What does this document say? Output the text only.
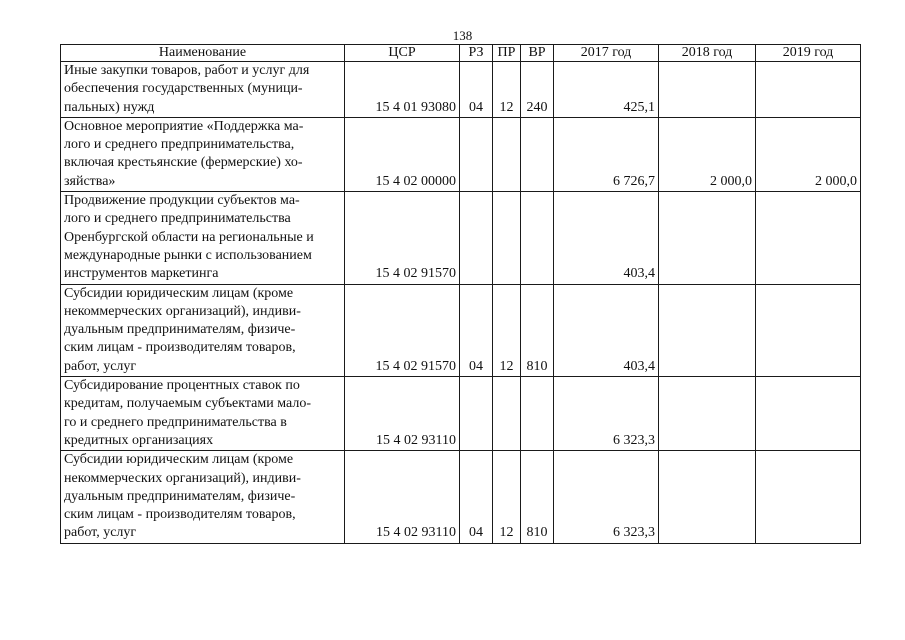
138
Наименование	ЦСР	РЗ	ПР	ВР	2017 год	2018 год	2019 год

Иные закупки товаров, работ и услуг для
обеспечения государственных (муници-
пальных) нужд	15 4 01 93080	04	12	240	425,1		

Основное мероприятие «Поддержка ма-
лого и среднего предпринимательства,
включая крестьянские (фермерские) хо-
зяйства»	15 4 02 00000				6 726,7	2 000,0	2 000,0

Продвижение продукции субъектов ма-
лого и среднего предпринимательства
Оренбургской области на региональные и
международные рынки с использованием
инструментов маркетинга	15 4 02 91570				403,4		

Субсидии юридическим лицам (кроме
некоммерческих организаций), индиви-
дуальным предпринимателям, физиче-
ским лицам - производителям товаров,
работ, услуг	15 4 02 91570	04	12	810	403,4		

Субсидирование процентных ставок по
кредитам, получаемым субъектами мало-
го и среднего предпринимательства в
кредитных организациях	15 4 02 93110				6 323,3		

Субсидии юридическим лицам (кроме
некоммерческих организаций), индиви-
дуальным предпринимателям, физиче-
ским лицам - производителям товаров,
работ, услуг	15 4 02 93110	04	12	810	6 323,3		
